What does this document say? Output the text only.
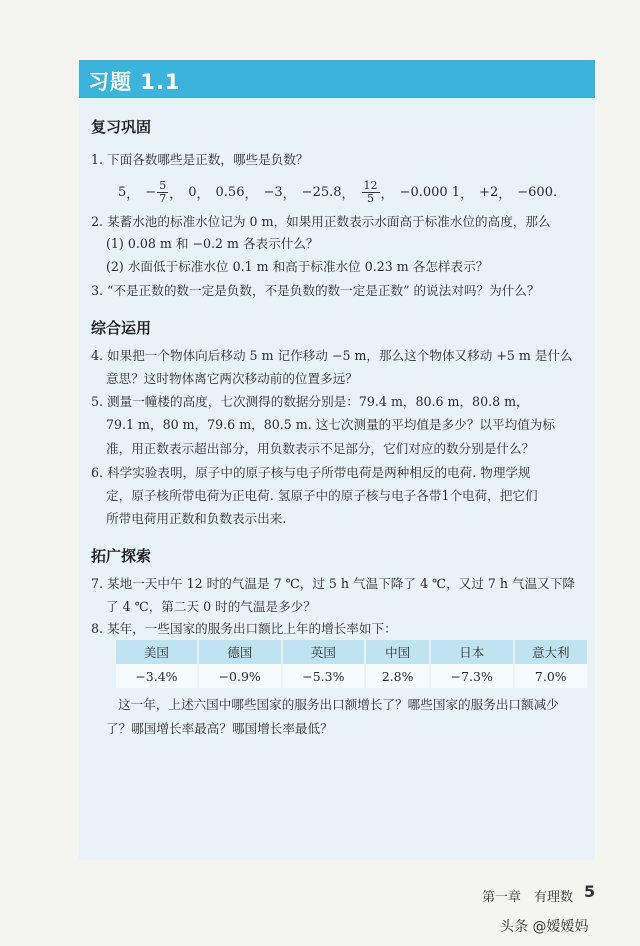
习题 1.1
复习巩固
1. 下面各数哪些是正数，哪些是负数？
5 ， − $\frac{5}{7}$ ， 0 ， 0.56 ， −3 ， −25.8 ， $\frac{12}{5}$ ， −0.000 1 ， +2 ， −600.
2. 某蓄水池的标准水位记为 0 m，如果用正数表示水面高于标准水位的高度，那么
(1) 0.08 m 和 −0.2 m 各表示什么？
(2) 水面低于标准水位 0.1 m 和高于标准水位 0.23 m 各怎样表示？
3. “不是正数的数一定是负数，不是负数的数一定是正数” 的说法对吗？为什么？
综合运用
4. 如果把一个物体向后移动 5 m 记作移动 −5 m，那么这个物体又移动 +5 m 是什么
意思？这时物体离它两次移动前的位置多远？
5. 测量一幢楼的高度，七次测得的数据分别是：79.4 m，80.6 m，80.8 m，
79.1 m，80 m，79.6 m，80.5 m. 这七次测量的平均值是多少？以平均值为标
准，用正数表示超出部分，用负数表示不足部分，它们对应的数分别是什么？
6. 科学实验表明，原子中的原子核与电子所带电荷是两种相反的电荷. 物理学规
定，原子核所带电荷为正电荷. 氢原子中的原子核与电子各带1个电荷，把它们
所带电荷用正数和负数表示出来.
拓广探索
7. 某地一天中午 12 时的气温是 7 ℃，过 5 h 气温下降了 4 ℃，又过 7 h 气温又下降
了 4 ℃，第二天 0 时的气温是多少？
8. 某年，一些国家的服务出口额比上年的增长率如下：
美国	德国	英国	中国	日本	意大利
−3.4%	−0.9%	−5.3%	2.8%	−7.3%	7.0%
这一年，上述六国中哪些国家的服务出口额增长了？哪些国家的服务出口额减少
了？哪国增长率最高？哪国增长率最低？
第一章　有理数 5
头条 @嫒嫒妈
